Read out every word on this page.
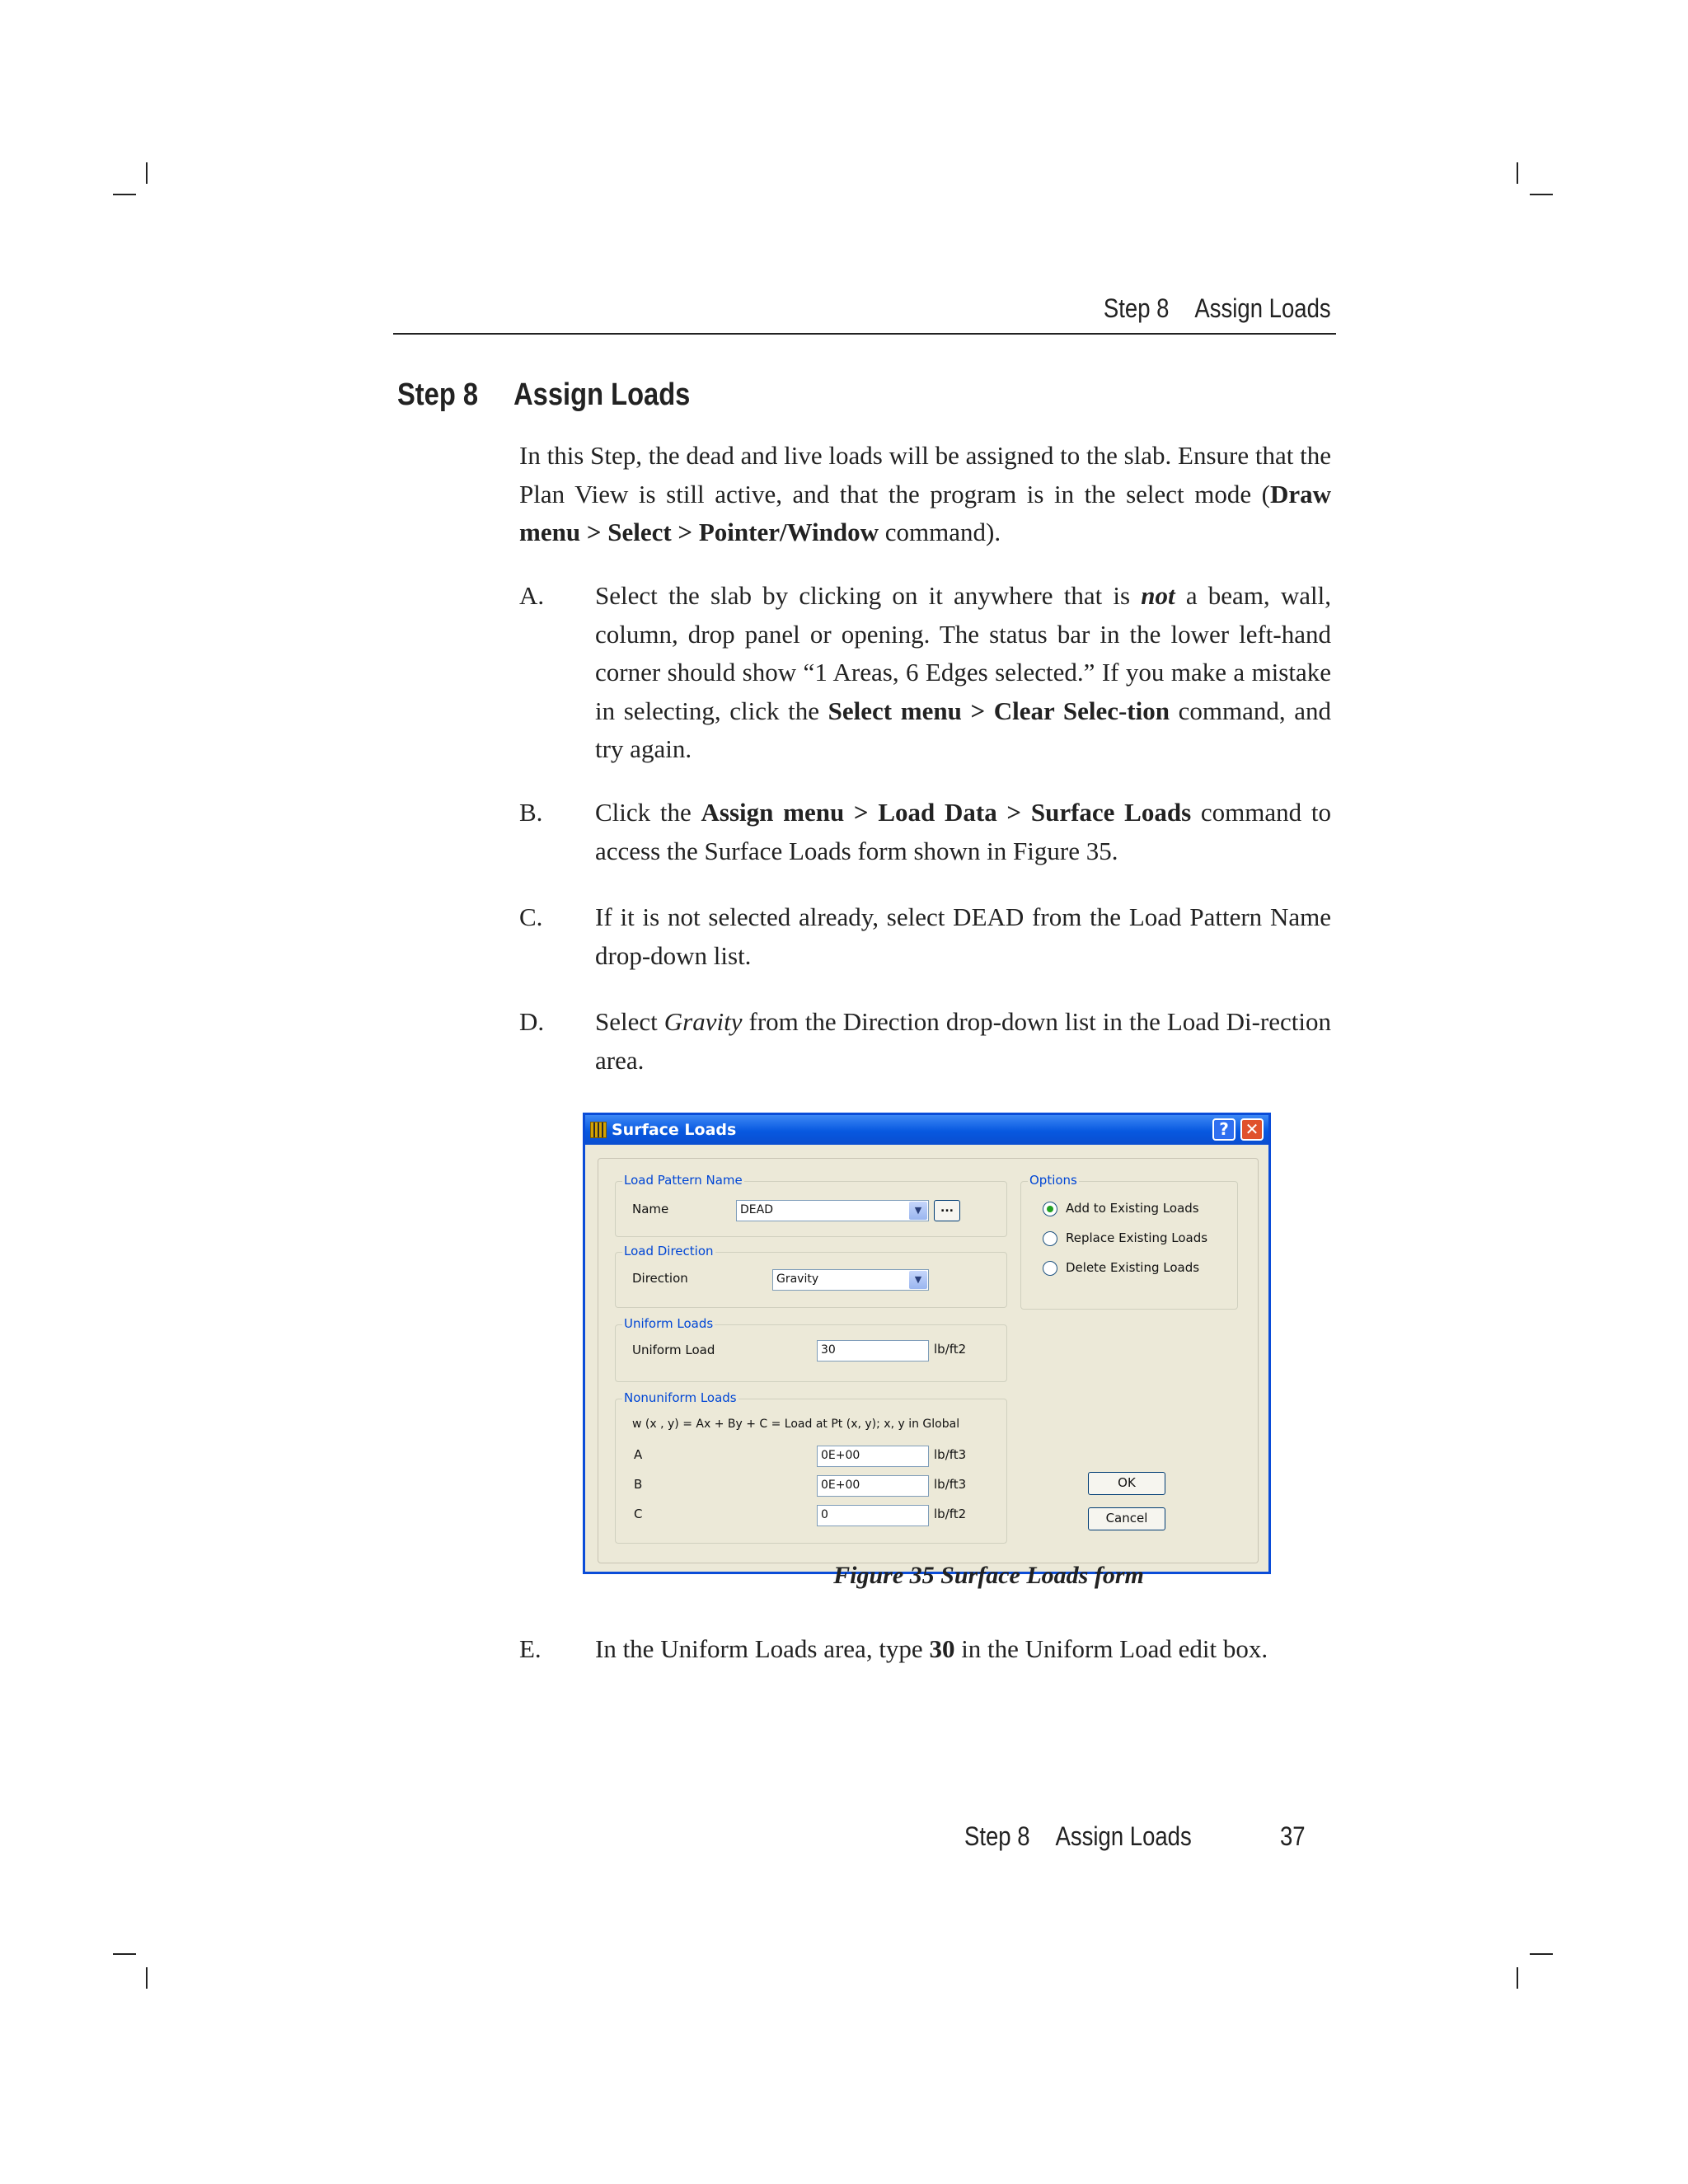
Step 8 Assign Loads
Step 8 Assign Loads
In this Step, the dead and live loads will be assigned to the slab. Ensure that the Plan View is still active, and that the program is in the select mode (Draw menu > Select > Pointer/Window command).
A. Select the slab by clicking on it anywhere that is not a beam, wall, column, drop panel or opening. The status bar in the lower left-hand corner should show “1 Areas, 6 Edges selected.” If you make a mistake in selecting, click the Select menu > Clear Selec-tion command, and try again.
B. Click the Assign menu > Load Data > Surface Loads command to access the Surface Loads form shown in Figure 35.
C. If it is not selected already, select DEAD from the Load Pattern Name drop-down list.
D. Select Gravity from the Direction drop-down list in the Load Di-rection area.
Surface Loads	? ✕
Load Pattern Name
Name	DEAD	▼	...
Load Direction
Direction	Gravity	▼
Uniform Loads
Uniform Load	30	lb/ft2
Nonuniform Loads
w (x , y) = Ax + By + C = Load at Pt (x, y); x, y in Global
A	0E+00	lb/ft3
B	0E+00	lb/ft3
C	0	lb/ft2
Options
Add to Existing Loads
Replace Existing Loads
Delete Existing Loads
OK
Cancel
Figure 35 Surface Loads form
E. In the Uniform Loads area, type 30 in the Uniform Load edit box.
Step 8 Assign Loads	37
